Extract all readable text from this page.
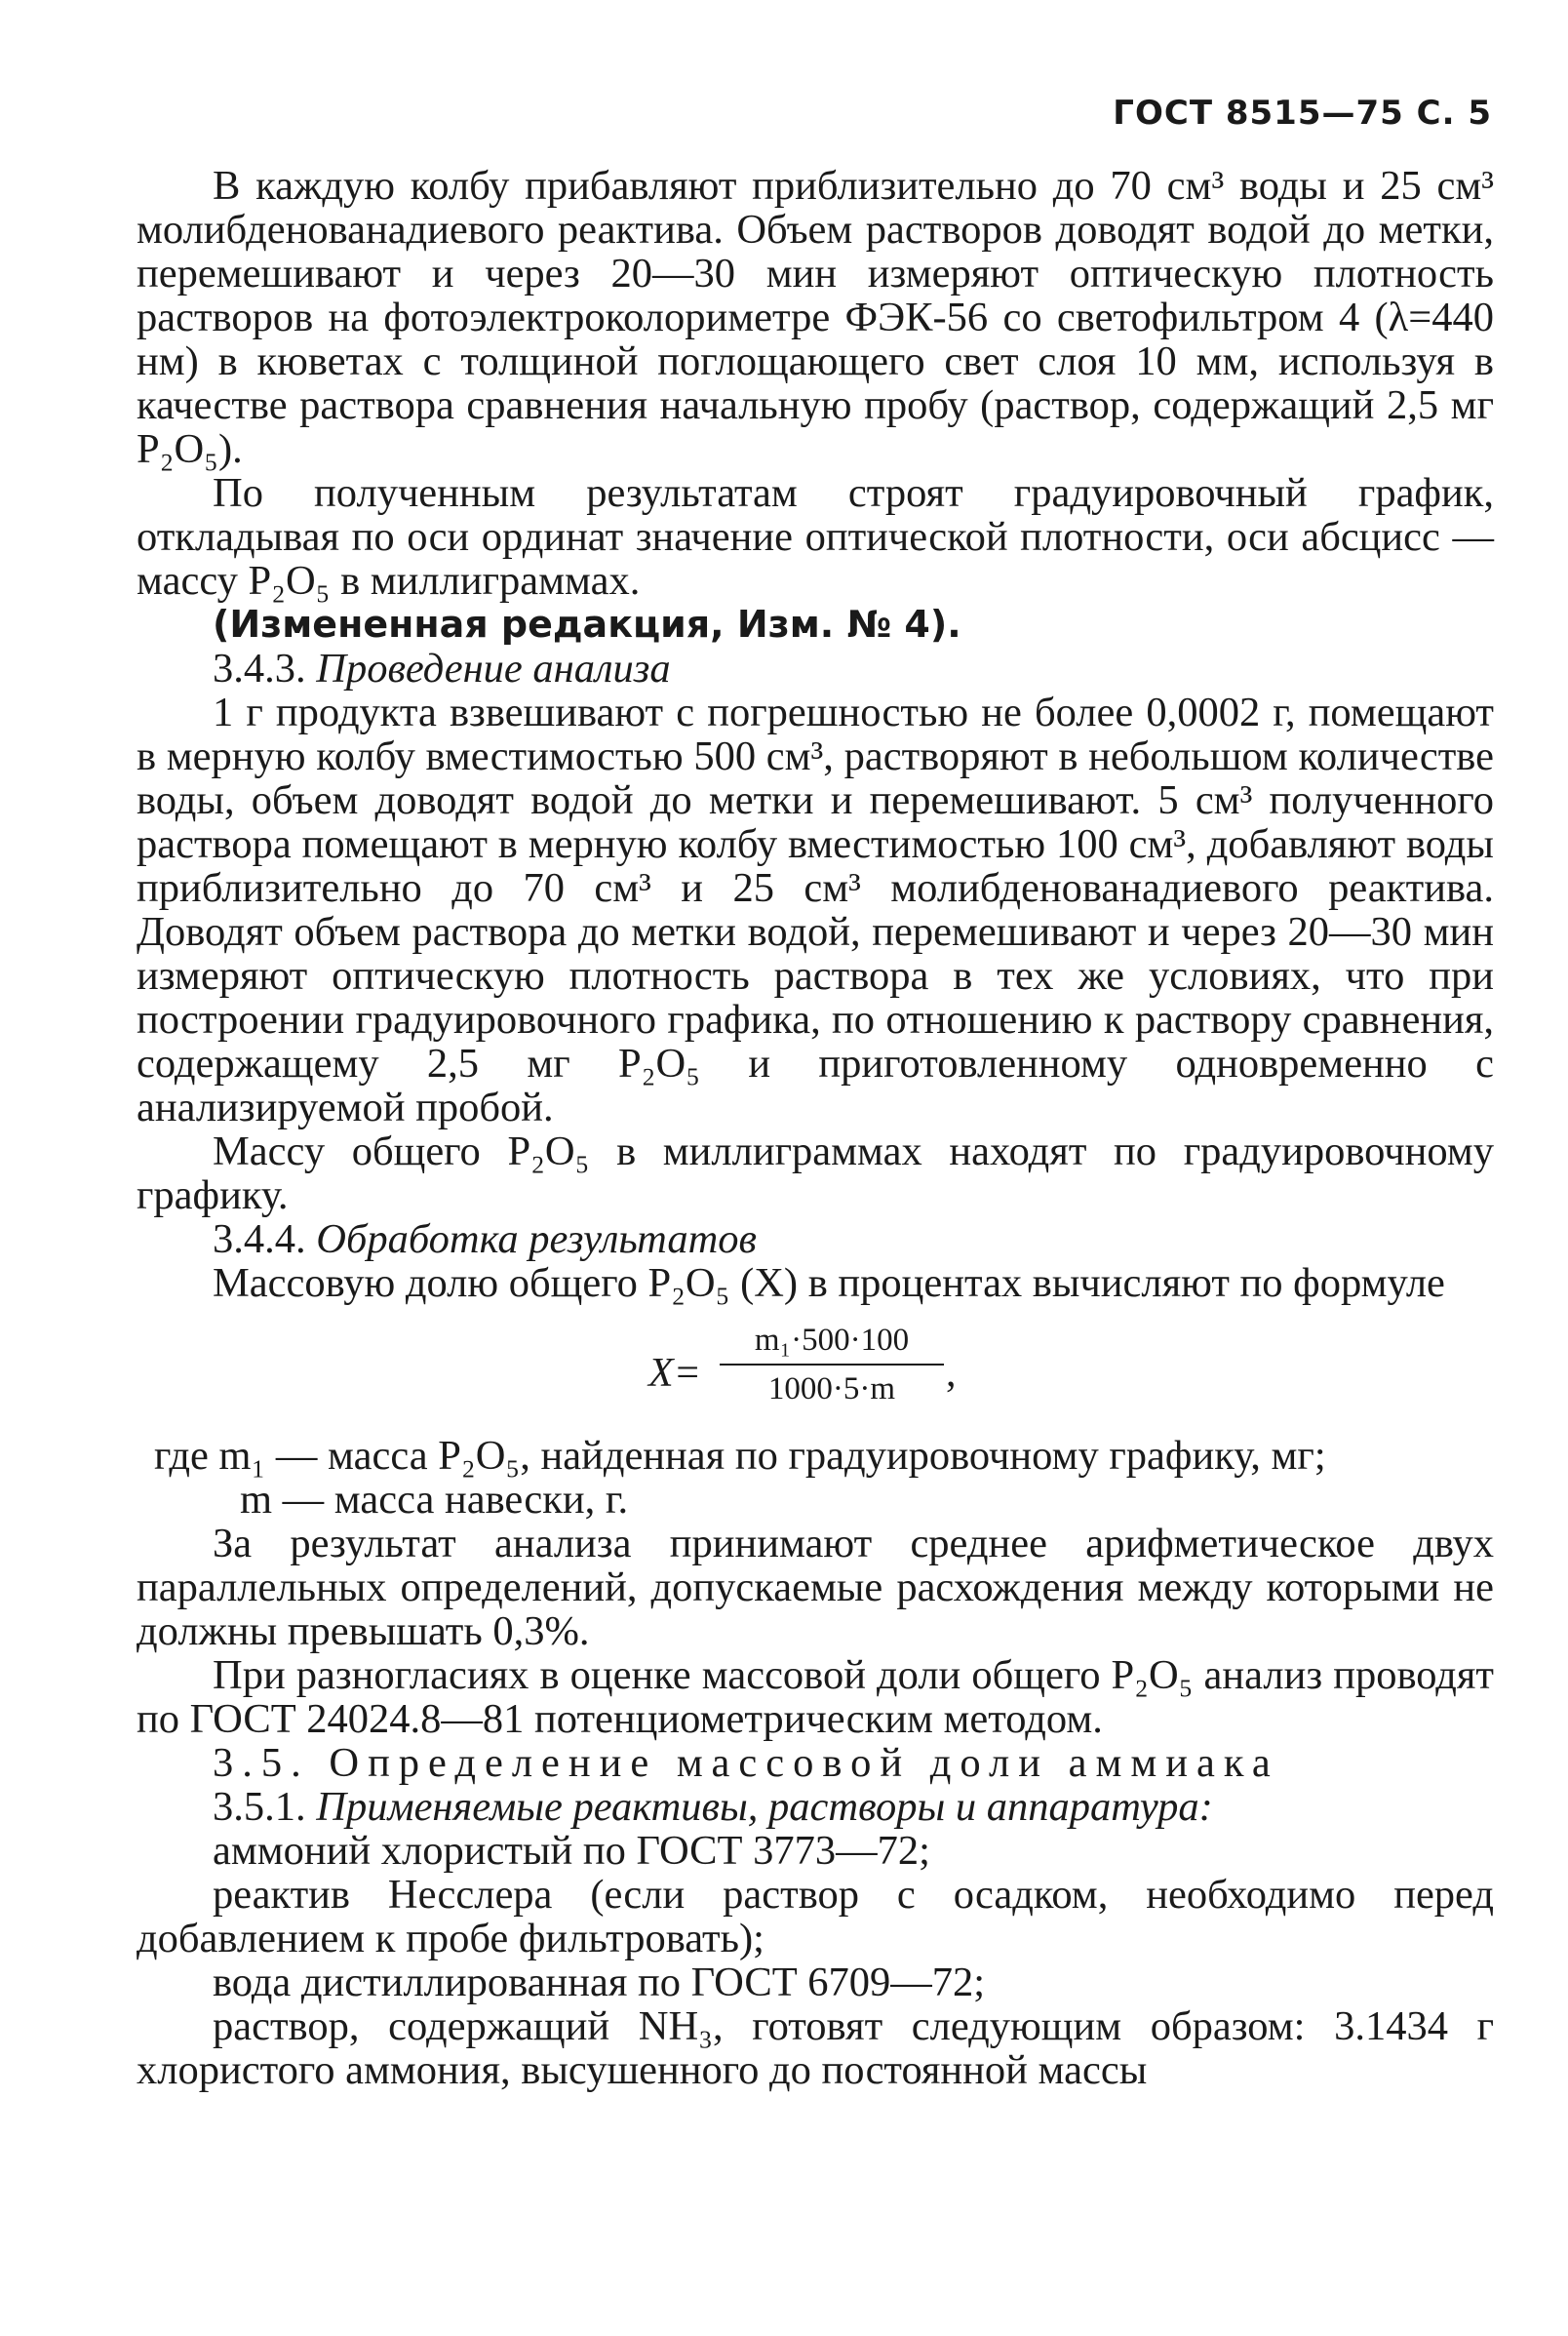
ГОСТ 8515—75 С. 5

В каждую колбу прибавляют приблизительно до 70 см³ воды и 25 см³ молибденованадиевого реактива. Объем растворов доводят водой до метки, перемешивают и через 20—30 мин измеряют оптическую плотность растворов на фотоэлектроколориметре ФЭК-56 со светофильтром 4 (λ=440 нм) в кюветах с толщиной поглощающего свет слоя 10 мм, используя в качестве раствора сравнения начальную пробу (раствор, содержащий 2,5 мг P₂O₅).

По полученным результатам строят градуировочный график, откладывая по оси ординат значение оптической плотности, оси абсцисс — массу P₂O₅ в миллиграммах.

(Измененная редакция, Изм. № 4).

3.4.3. Проведение анализа

1 г продукта взвешивают с погрешностью не более 0,0002 г, помещают в мерную колбу вместимостью 500 см³, растворяют в небольшом количестве воды, объем доводят водой до метки и перемешивают. 5 см³ полученного раствора помещают в мерную колбу вместимостью 100 см³, добавляют воды приблизительно до 70 см³ и 25 см³ молибденованадиевого реактива. Доводят объем раствора до метки водой, перемешивают и через 20—30 мин измеряют оптическую плотность раствора в тех же условиях, что при построении градуировочного графика, по отношению к раствору сравнения, содержащему 2,5 мг P₂O₅ и приготовленному одновременно с анализируемой пробой.

Массу общего P₂O₅ в миллиграммах находят по градуировочному графику.

3.4.4. Обработка результатов

Массовую долю общего P₂O₅ (X) в процентах вычисляют по формуле

X=
m₁·500·100
1000·5·m	,

где m₁ — масса P₂O₅, найденная по градуировочному графику, мг;

m — масса навески, г.

За результат анализа принимают среднее арифметическое двух параллельных определений, допускаемые расхождения между которыми не должны превышать 0,3%.

При разногласиях в оценке массовой доли общего P₂O₅ анализ проводят по ГОСТ 24024.8—81 потенциометрическим методом.

3.5. Определение массовой доли аммиака

3.5.1. Применяемые реактивы, растворы и аппаратура:

аммоний хлористый по ГОСТ 3773—72;

реактив Несслера (если раствор с осадком, необходимо перед добавлением к пробе фильтровать);

вода дистиллированная по ГОСТ 6709—72;

раствор, содержащий NH₃, готовят следующим образом: 3.1434 г хлористого аммония, высушенного до постоянной массы
